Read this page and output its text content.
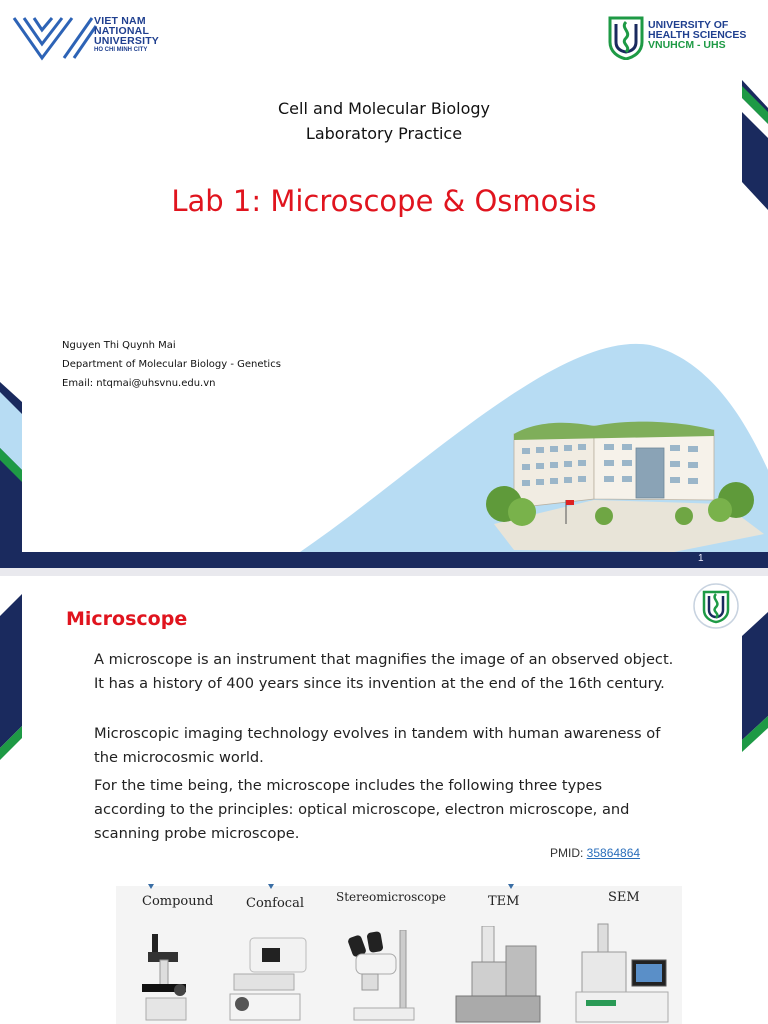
VIET NAM
NATIONAL
UNIVERSITY
HO CHI MINH CITY
UNIVERSITY OF
HEALTH SCIENCES
VNUHCM - UHS
Cell and Molecular Biology
Laboratory Practice
Lab 1: Microscope & Osmosis
Nguyen Thi Quynh Mai
Department of Molecular Biology - Genetics
Email: ntqmai@uhsvnu.edu.vn
1
Microscope

A microscope is an instrument that magnifies the image of an observed object. It has a history of 400 years since its invention at the end of the 16th century.

Microscopic imaging technology evolves in tandem with human awareness of the microcosmic world.

For the time being, the microscope includes the following three types according to the principles: optical microscope, electron microscope, and scanning probe microscope.

PMID: 35864864
Compound	Confocal	Stereomicroscope	TEM	SEM
